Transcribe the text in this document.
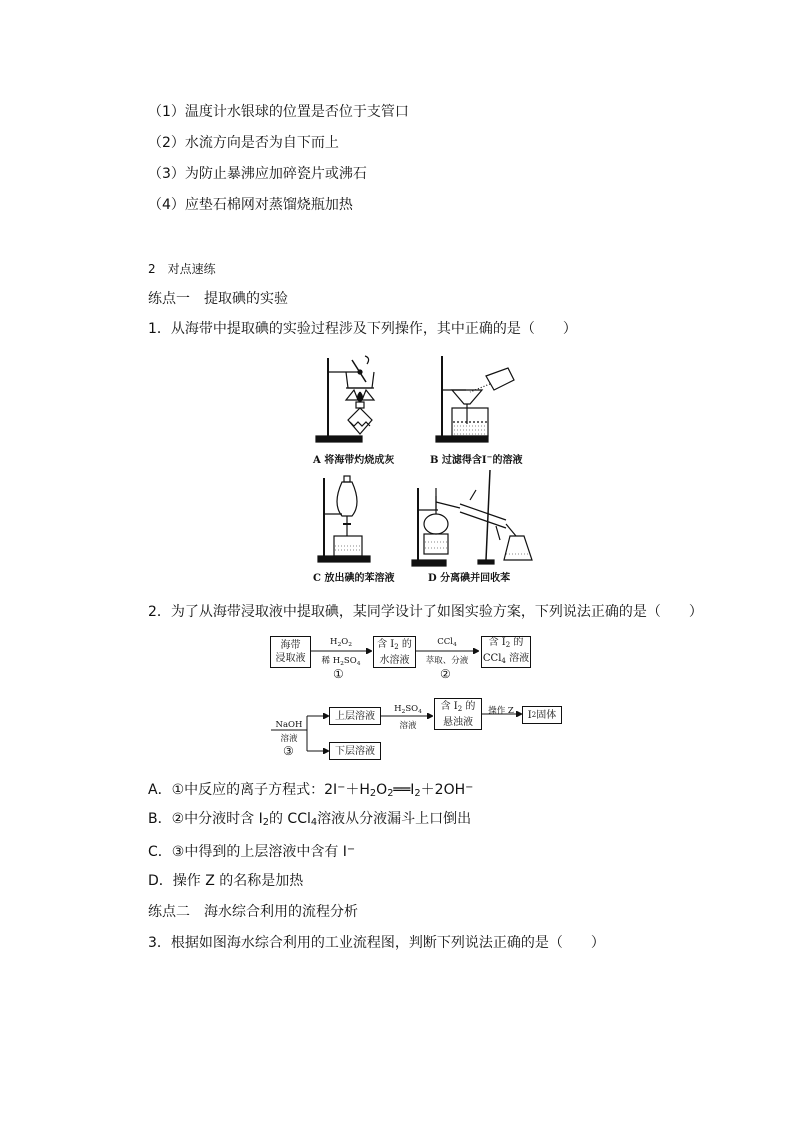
（1）温度计水银球的位置是否位于支管口
（2）水流方向是否为自下而上
（3）为防止暴沸应加碎瓷片或沸石
（4）应垫石棉网对蒸馏烧瓶加热
2　对点速练
练点一　提取碘的实验
1．从海带中提取碘的实验过程涉及下列操作，其中正确的是（　　）
A 将海带灼烧成灰	B 过滤得含I−的溶液
C 放出碘的苯溶液	D 分离碘并回收苯
2．为了从海带浸取液中提取碘，某同学设计了如图实验方案，下列说法正确的是（　　）
海带
浸取液
$H_2O_2$
稀 $H_2SO_4$
①
含 $I_2$ 的
水溶液
CCl$_4$
萃取、分液
②
含 $I_2$ 的
CCl$_4$ 溶液
NaOH
溶液
③
上层溶液
下层溶液
$H_2SO_4$
溶液
含 $I_2$ 的
悬浊液
操作 Z	I 2 固体
A．①中反应的离子方程式：$2I^-+H_2O_2══I_2+2OH^-$
B．②中分液时含 $I_2$的 CCl$_4$溶液从分液漏斗上口倒出
C．③中得到的上层溶液中含有 I−
D．操作 Z 的名称是加热
练点二　海水综合利用的流程分析
3．根据如图海水综合利用的工业流程图，判断下列说法正确的是（　　）
